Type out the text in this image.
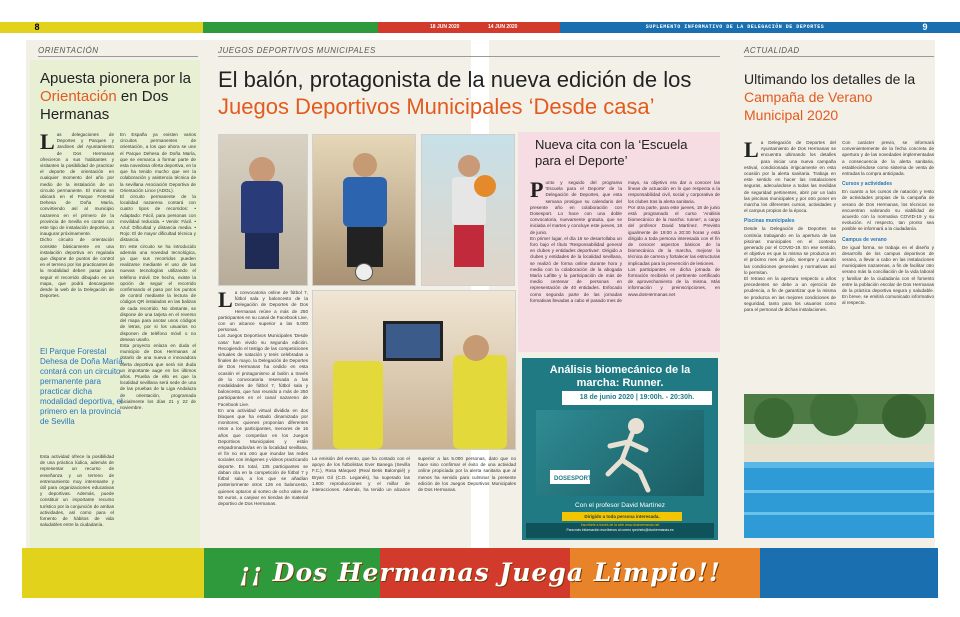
8	9
El Nazareno
18 JUN 2020
El Nazareno
14 JUN 2020	SUPLEMENTO INFORMATIVO DE LA DELEGACIÓN DE DEPORTES
ORIENTACIÓN
Apuesta pionera por la Orientación en Dos Hermanas
L as delegaciones de Deportes y Parques y Jardines del Ayuntamiento de Dos Hermanas ofrecieron a sus habitantes y visitantes la posibilidad de practicar el deporte de orientación en cualquier momento del año por medio de la instalación de un circuito permanente. El mismo se ubicará en el Parque Forestal Dehesa de Doña María, convirtiendo así al municipio nazareno en el primero de la provincia de Sevilla en contar con este tipo de instalación deportiva, a inaugurar próximamente.
Dicho circuito de orientación consiste básicamente en una instalación deportiva en regulada que dispone de puntos de control en el terreno por los practicantes de la modalidad deben pasar para seguir el recorrido dibujado en un mapa, que podrá descargarse desde la web de la Delegación de Deportes.
El Parque Forestal Dehesa de Doña María contará con un circuito permanente para practicar dicha modalidad deportiva, el primero en la provincia de Sevilla
Esta actividad ofrece la posibilidad de una práctica lúdica, además de representar un recurso de enseñanza y un terreno de entrenamiento muy interesante y útil para organizaciones educativas y deportivas. Además, puede constituir un importante recurso turístico por la conjunción de ambas actividades, así como para el fomento de hábitos de vida saludables entre la ciudadanía.
En España ya existen varios circuitos permanentes de orientación, a los que ahora se une el Parque Dehesa de Doña María, que se enmarca a formar parte de esta novedosa oferta deportiva, en la que ha tenido mucho que ver la colaboración y asistencia técnica de la sevillana Asociación Deportiva de Orientación Lince (ADOL).
El circuito permanente de la localidad nazarena contará con cuatro tipos de recorridos: • Adaptado: Fácil, para personas con movilidad reducida. • Verde: Fácil. • Azul: Dificultad y distancia media. • Rojo: El de mayor dificultad técnica y distancia.
En este circuito se ha introducido además una novedad tecnológica, ya que sus recorridos pueden realizarse mediante el uso de las nuevas tecnologías utilizando el teléfono móvil. De hecho, existe la opción de seguir el recorrido confirmando el paso por los puntos de control mediante la lectura de códigos QR instalados en las balizas de cada recorrido. No obstante, se dispone de una tarjeta en el reverso del mapa para anotar unos códigos de letras, por si los usuarios no disponen de teléfono móvil o no desean usarlo.
Esta proyecto enlaza en duda el municipio de Dos Hermanas al dotarlo de una nueva e innovadora oferta deportiva que será sin duda un importante auge en los últimos años. Prueba de ello es que la localidad sevillana será sede de una de las pruebas de la Liga Andaluza de orientación, programada inicialmente los días 21 y 22 de noviembre.
JUEGOS DEPORTIVOS MUNICIPALES
El balón, protagonista de la nueva edición de los
Juegos Deportivos Municipales ‘Desde casa’
L a convocatoria online de fútbol 7, fútbol sala y baloncesto de la Delegación de Deportes de Dos Hermanas reúne a más de 250 participantes en su canal de Facebook Live, con un alcance superior a las 5.000 personas.
Los Juegos Deportivos Municipales 'Desde casa' han vivido su segunda edición. Recogiendo el testigo de las competiciones virtuales de natación y tenis celebradas a finales de mayo, la Delegación de Deportes de Dos Hermanas ha cedido en esta ocasión el protagonismo al balón a través de la convocatoria reservada a las modalidades de fútbol 7, fútbol sala y baloncesto, que han reunido a más de 250 participantes en el canal nazareno de Facebook Live.
En una actividad virtual dividida en dos bloques que ha estado dinamizada por monitores, quienes proponían diferentes retos a los participantes, menores de 16 años que competían en los Juegos Deportivos Municipales y están empadronados/as en la localidad sevillana, el fin no era otro que inundar las redes sociales con imágenes y vídeos practicando deporte. En total, 135 participantes se daban cita en la competición de fútbol 7 y fútbol sala, a los que se añadían posteriormente otros 126 en baloncesto, quienes optaron al sorteo de ocho vales de 50 euros, a canjear en tiendas de material deportivo de Dos Hermanas.
La emisión del evento, que ha contado con el apoyo de los futbolistas Ever Banega (Sevilla F.C.), Rosa Márquez (Real Betis Balompié) y Bryan Gil (C.D. Leganés), ha superado las 1.800 reproducciones y el millar de interacciones. Además, ha tenido un alcance superior a las 5.000 personas, dato que no hace sino confirmar el éxito de una actividad online propiciada por la alerta sanitaria que al menos ha servido para culminar la presente edición de los Juegos Deportivos Municipales de Dos Hermanas.
Nueva cita con la ‘Escuela para el Deporte’
P unto y seguido del programa 'Escuela para el Deporte' de la Delegación de Deportes, que esta semana prosigue su calendario del presente año en colaboración con Dosesport. Lo hace con una doble convocatoria, nuevamente gratuita, que se iniciaba el martes y concluye este jueves, 18 de junio.
En primer lugar, el día 16 se desarrollaba un foro bajo el título 'Responsabilidad general en clubes y entidades deportivas'. Dirigido a clubes y entidades de la localidad sevillana, se realizó de forma online durante hora y media con la colaboración de la abogada María Lafitte y la participación de más de medio centenar de personas en representación de 40 entidades. Enfocado como segunda parte de las jornadas formativas llevadas a cabo el pasado mes de mayo, su objetivo era dar a conocer las líneas de actuación en lo que respecta a la responsabilidad civil, social y corporativa de los clubes tras la alerta sanitaria.
Por otra parte, para este jueves, 18 de junio está programado el curso 'Análisis biomecánico de la marcha: runner', a cargo del profesor David Martínez. Previsto igualmente de 19:00 a 20:30 horas y está dirigido a toda persona interesada con el fin de conocer aspectos básicos de la biomecánica de la marcha, mejorar la técnica de carrera y fortalecer las estructuras implicadas para la prevención de lesiones.
Los participantes en dicha jornada de formación recibirán el pertinente certificado de aprovechamiento de la misma. Más información y preinscripciones, en www.dosHermanas.net
Análisis biomecánico de la marcha: Runner.
18 de junio 2020 | 19:00h. - 20:30h.
DOSESPORT
Con el profesor David Martínez
Dirigido a toda persona interesada.
Inscríbete a través de la web www.doshermanas.net
Para más información escríbenos al correo rpechelo@doshermanas.es
ACTUALIDAD
Ultimando los detalles de la Campaña de Verano Municipal 2020
L a Delegación de Deportes del Ayuntamiento de Dos Hermanas se encuentra ultimando los detalles para iniciar una nueva campaña estival, condicionada irrigicamente en esta ocasión por la alerta sanitaria. Trabaja en este sentido en hacer las instalaciones seguras, adecuándose a todas las medidas de seguridad pertinentes, abrir por un lado las piscinas municipales y por otro poner en marcha los diferentes cursos, actividades y el campus propios de la época.
Piscinas municipales
Desde la Delegación de Deportes se continúa trabajando en la apertura de las piscinas municipales en el contexto generado por el COVID-19. En ese sentido, el objetivo es que la misma se produzca en el próximo mes de julio, siempre y cuando las condiciones generales y normativas así lo permitan.
El retraso en la apertura respecto a años precedentes se debe a un ejercicio de prudencia, a fin de garantizar que la misma se produzca en las mejores condiciones de seguridad, tanto para los usuarios como para el personal de dichas instalaciones.
Con carácter previo, se informará convenientemente de la fecha concreta de apertura y de las novedades implementadas a consecuencia de la alerta sanitaria, estableciéndose como sistema de venta de entradas la compra anticipada.
Cursos y actividades
En cuanto a los cursos de natación y resto de actividades propias de la campaña de verano de Dos Hermanas, los técnicos se encuentran valorando su viabilidad de acuerdo con la normativa COVID-19 y su evolución. Al respecto, tan pronto sea posible se informará a la ciudadanía.
Campus de verano
De igual forma, se trabaja en el diseño y desarrollo de los campus deportivos de verano, a llevar a cabo en las instalaciones municipales nazarenas, a fin de facilitar otro verano más la conciliación de la vida laboral y familiar de la ciudadanía con el fomento entre la población escolar de Dos Hermanas de la práctica deportiva segura y saludable. En breve, se emitirá comunicado informativo al respecto.
¡¡ Dos Hermanas Juega Limpio!!
